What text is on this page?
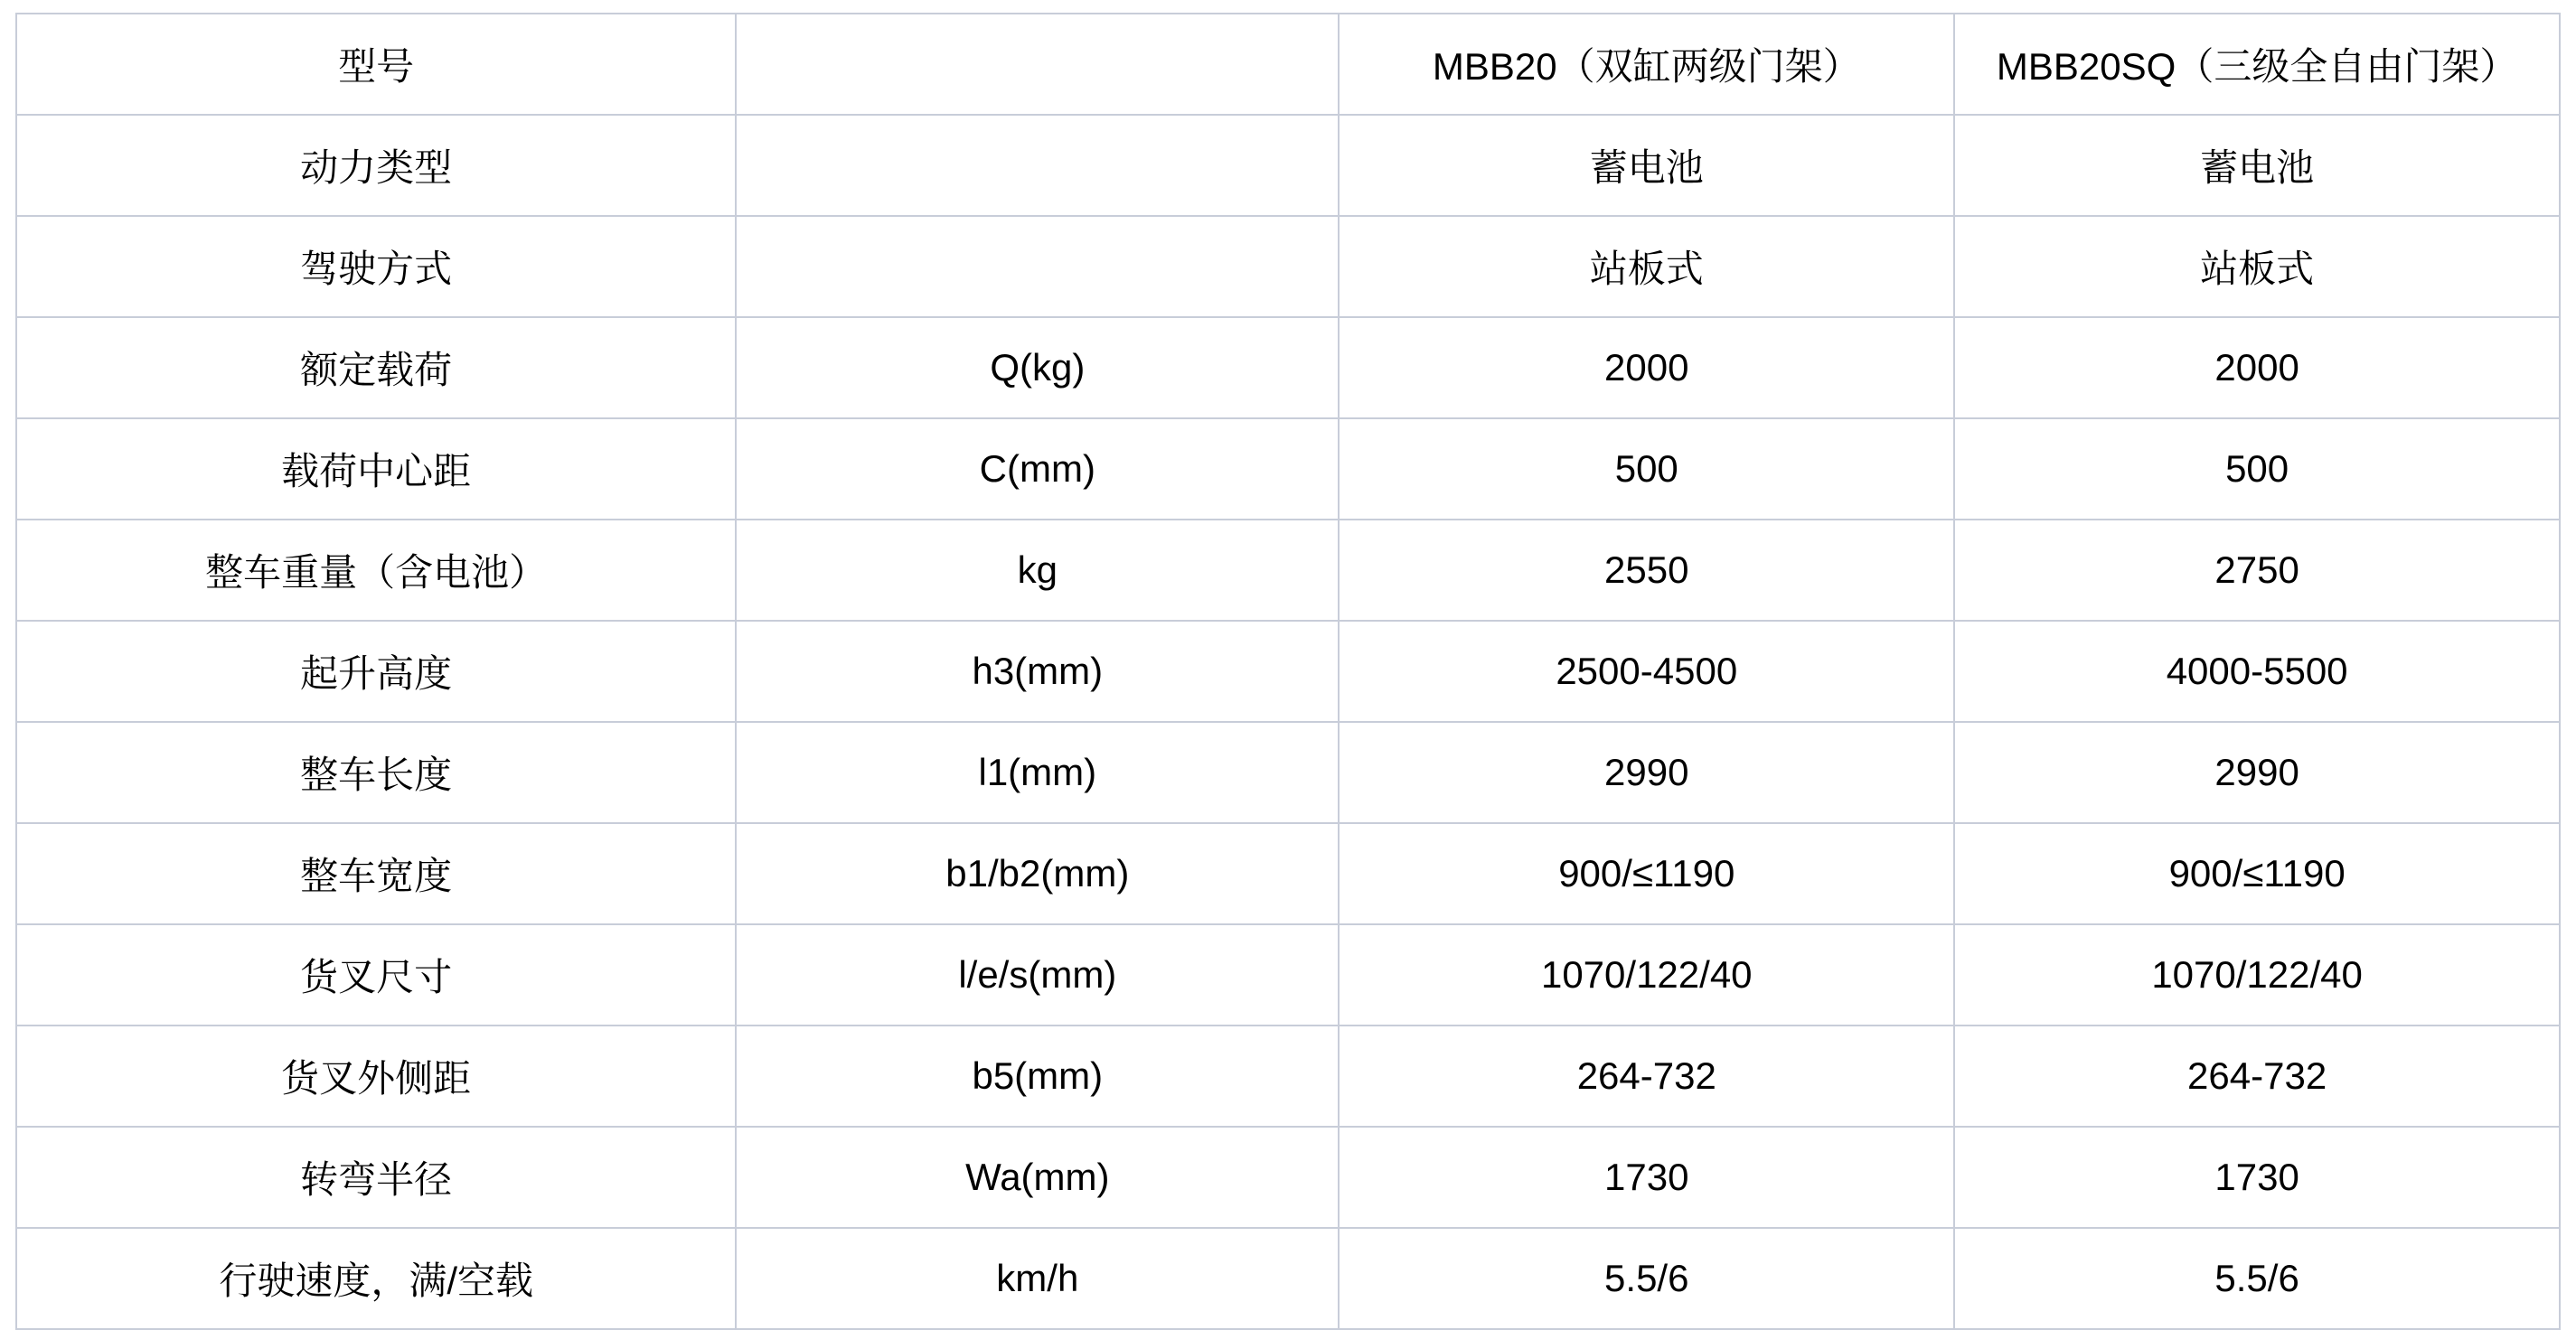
型号		MBB20（双缸两级门架）	MBB20SQ（三级全自由门架）
动力类型		蓄电池	蓄电池
驾驶方式		站板式	站板式
额定载荷	Q(kg)	2000	2000
载荷中心距	C(mm)	500	500
整车重量（含电池）	kg	2550	2750
起升高度	h3(mm)	2500-4500	4000-5500
整车长度	l1(mm)	2990	2990
整车宽度	b1/b2(mm)	900/≤1190	900/≤1190
货叉尺寸	l/e/s(mm)	1070/122/40	1070/122/40
货叉外侧距	b5(mm)	264-732	264-732
转弯半径	Wa(mm)	1730	1730
行驶速度，满/空载	km/h	5.5/6	5.5/6
